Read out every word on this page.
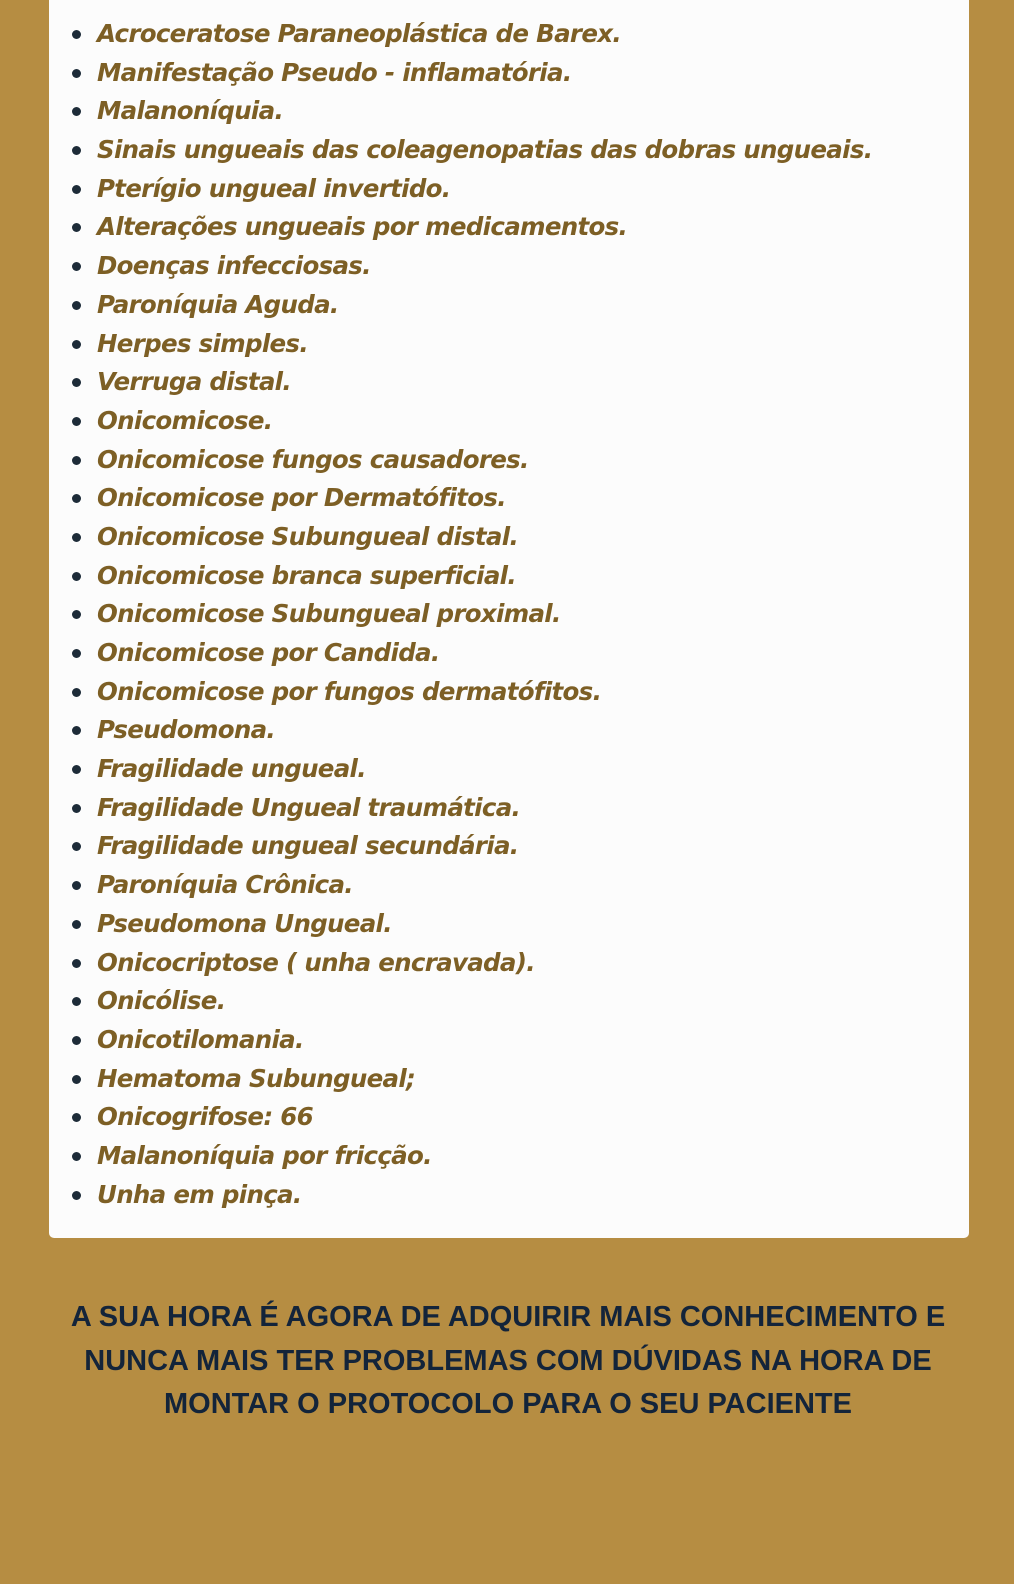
Acroceratose Paraneoplástica de Barex.
Manifestação Pseudo - inflamatória.
Malanoníquia.
Sinais ungueais das coleagenopatias das dobras ungueais.
Pterígio ungueal invertido.
Alterações ungueais por medicamentos.
Doenças infecciosas.
Paroníquia Aguda.
Herpes simples.
Verruga distal.
Onicomicose.
Onicomicose fungos causadores.
Onicomicose por Dermatófitos.
Onicomicose Subungueal distal.
Onicomicose branca superficial.
Onicomicose Subungueal proximal.
Onicomicose por Candida.
Onicomicose por fungos dermatófitos.
Pseudomona.
Fragilidade ungueal.
Fragilidade Ungueal traumática.
Fragilidade ungueal secundária.
Paroníquia Crônica.
Pseudomona Ungueal.
Onicocriptose ( unha encravada).
Onicólise.
Onicotilomania.
Hematoma Subungueal;
Onicogrifose: 66
Malanoníquia por fricção.
Unha em pinça.

A SUA HORA É AGORA DE ADQUIRIR MAIS CONHECIMENTO E NUNCA MAIS TER PROBLEMAS COM DÚVIDAS NA HORA DE MONTAR O PROTOCOLO PARA O SEU PACIENTE
